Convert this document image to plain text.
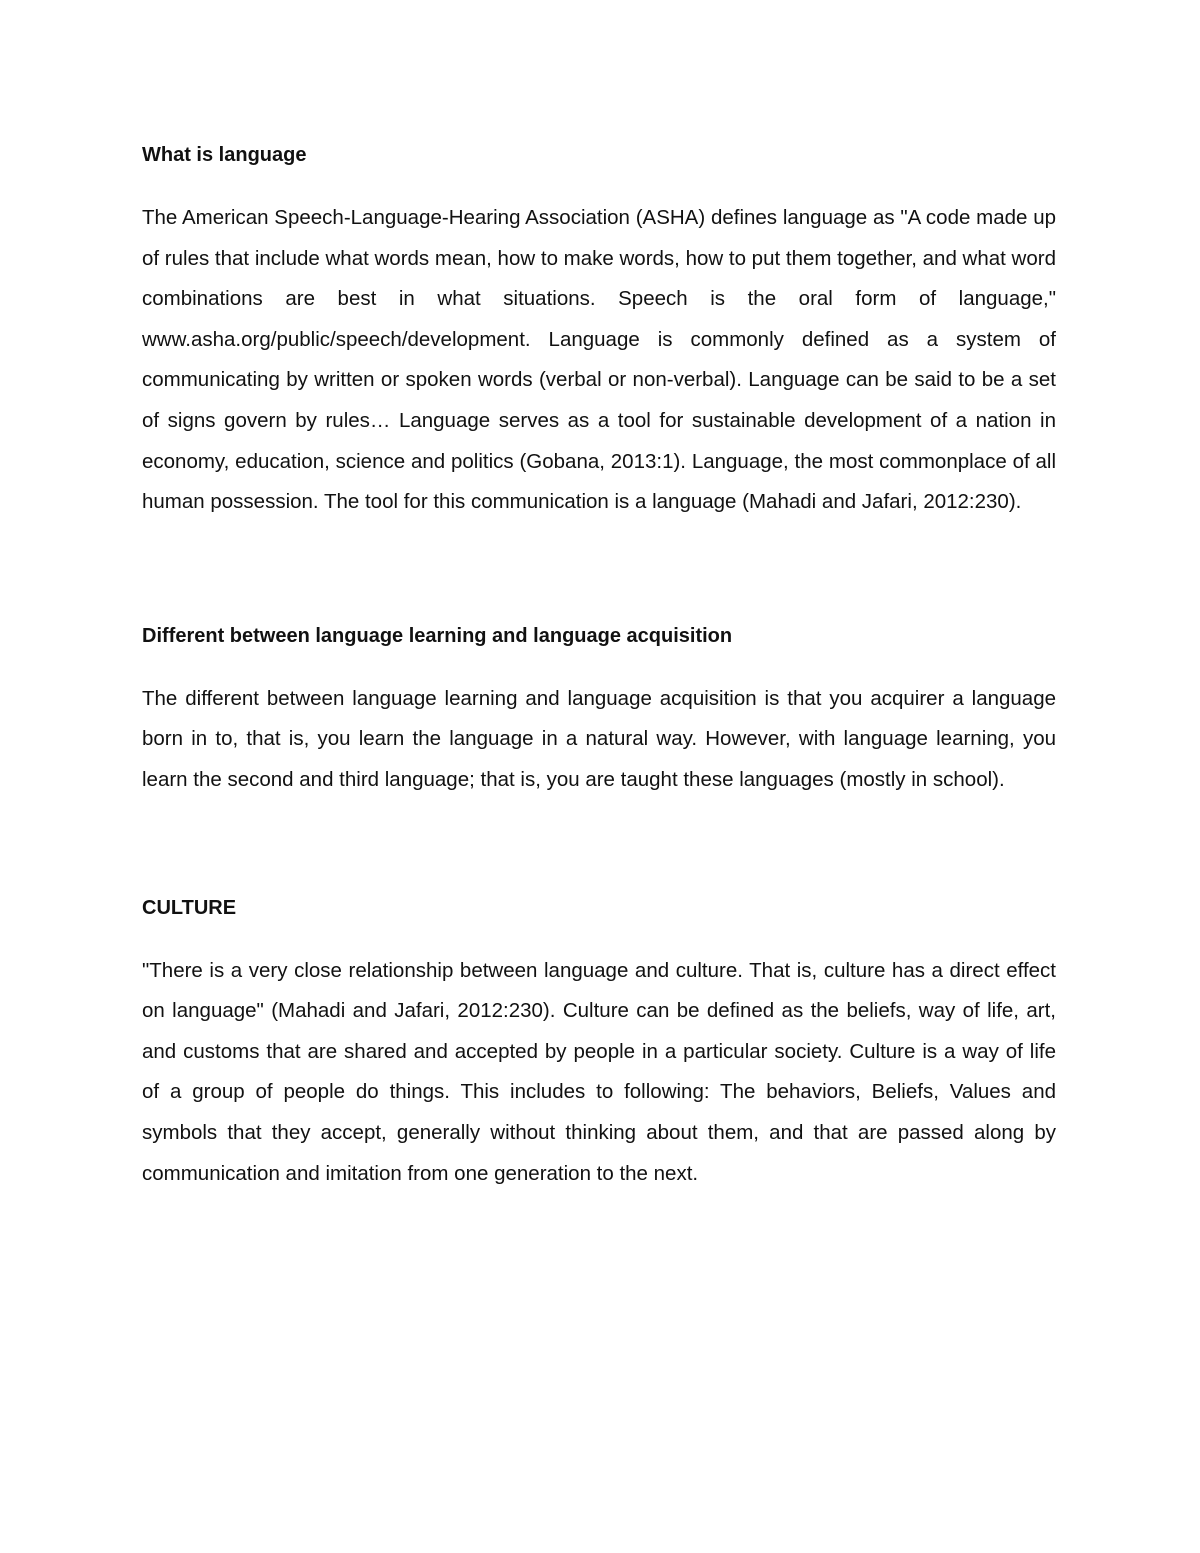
What is language

The American Speech-Language-Hearing Association (ASHA) defines language as "A code made up of rules that include what words mean, how to make words, how to put them together, and what word combinations are best in what situations. Speech is the oral form of language," www.asha.org/public/speech/development. Language is commonly defined as a system of communicating by written or spoken words (verbal or non-verbal). Language can be said to be a set of signs govern by rules… Language serves as a tool for sustainable development of a nation in economy, education, science and politics (Gobana, 2013:1). Language, the most commonplace of all human possession. The tool for this communication is a language (Mahadi and Jafari, 2012:230).

Different between language learning and language acquisition

The different between language learning and language acquisition is that you acquirer a language born in to, that is, you learn the language in a natural way. However, with language learning, you learn the second and third language; that is, you are taught these languages (mostly in school).

CULTURE

"There is a very close relationship between language and culture. That is, culture has a direct effect on language" (Mahadi and Jafari, 2012:230). Culture can be defined as the beliefs, way of life, art, and customs that are shared and accepted by people in a particular society. Culture is a way of life of a group of people do things. This includes to following: The behaviors, Beliefs, Values and symbols that they accept, generally without thinking about them, and that are passed along by communication and imitation from one generation to the next.
